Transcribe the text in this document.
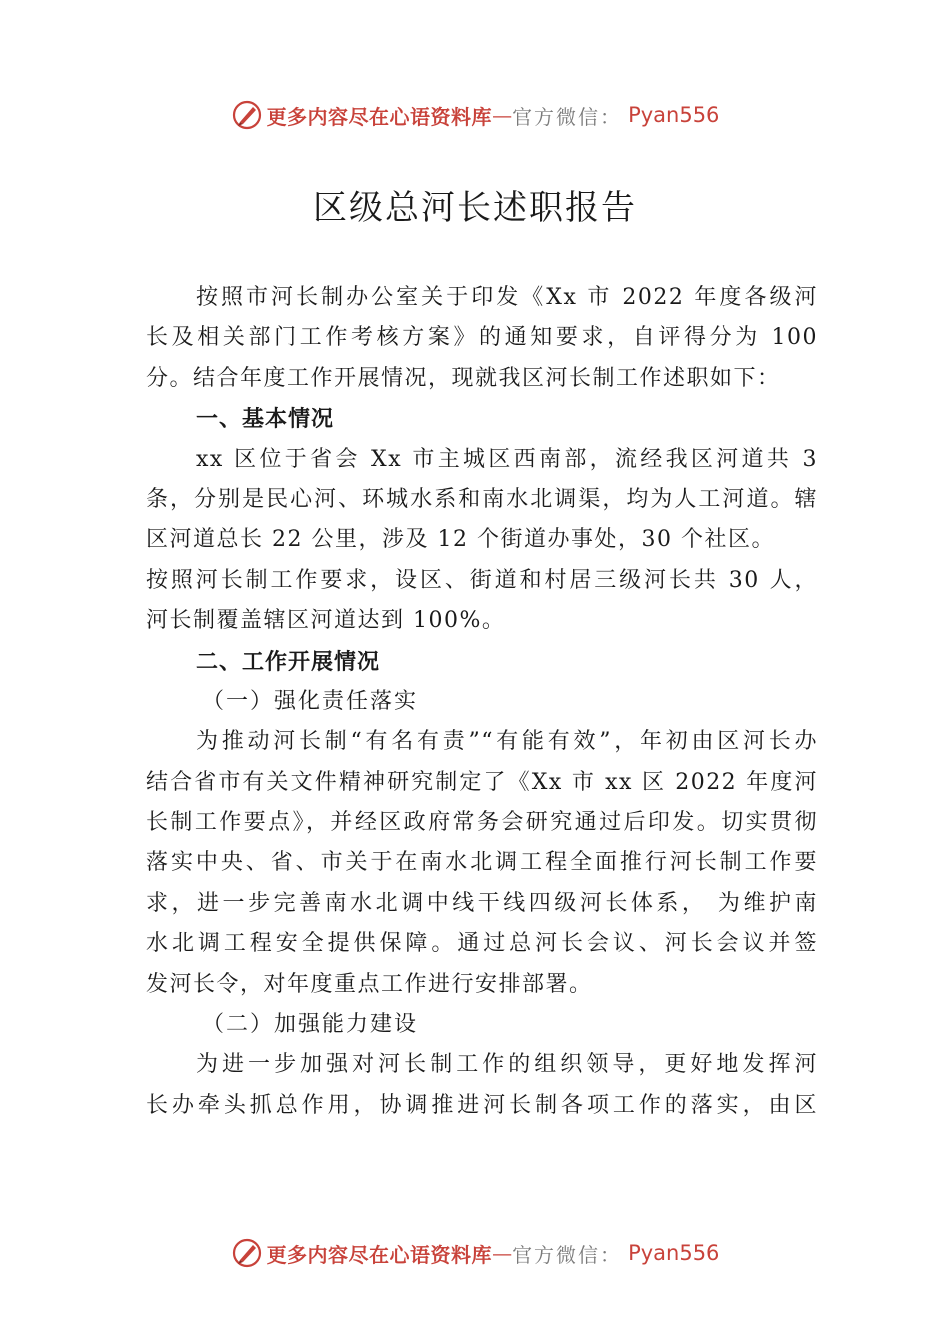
更多内容尽在心语资料库 — 官方微信： Pyan556
区级总河长述职报告
按照市河长制办公室关于印发《Xx 市 2022 年度各级河
长及相关部门工作考核方案》的通知要求，自评得分为 100
分。结合年度工作开展情况，现就我区河长制工作述职如下：
一、基本情况
xx 区位于省会 Xx 市主城区西南部，流经我区河道共 3
条，分别是民心河、环城水系和南水北调渠，均为人工河道。辖
区河道总长 22 公里，涉及 12 个街道办事处，30 个社区。
按照河长制工作要求，设区、街道和村居三级河长共 30 人，
河长制覆盖辖区河道达到 100%。
二、工作开展情况
（一）强化责任落实
为推动河长制“有名有责”“有能有效”，年初由区河长办
结合省市有关文件精神研究制定了《Xx 市 xx 区 2022 年度河
长制工作要点》，并经区政府常务会研究通过后印发。切实贯彻
落实中央、省、市关于在南水北调工程全面推行河长制工作要
求，进一步完善南水北调中线干线四级河长体系， 为维护南
水北调工程安全提供保障。通过总河长会议、河长会议并签
发河长令，对年度重点工作进行安排部署。
（二）加强能力建设
为进一步加强对河长制工作的组织领导，更好地发挥河
长办牵头抓总作用，协调推进河长制各项工作的落实，由区
更多内容尽在心语资料库 — 官方微信： Pyan556
